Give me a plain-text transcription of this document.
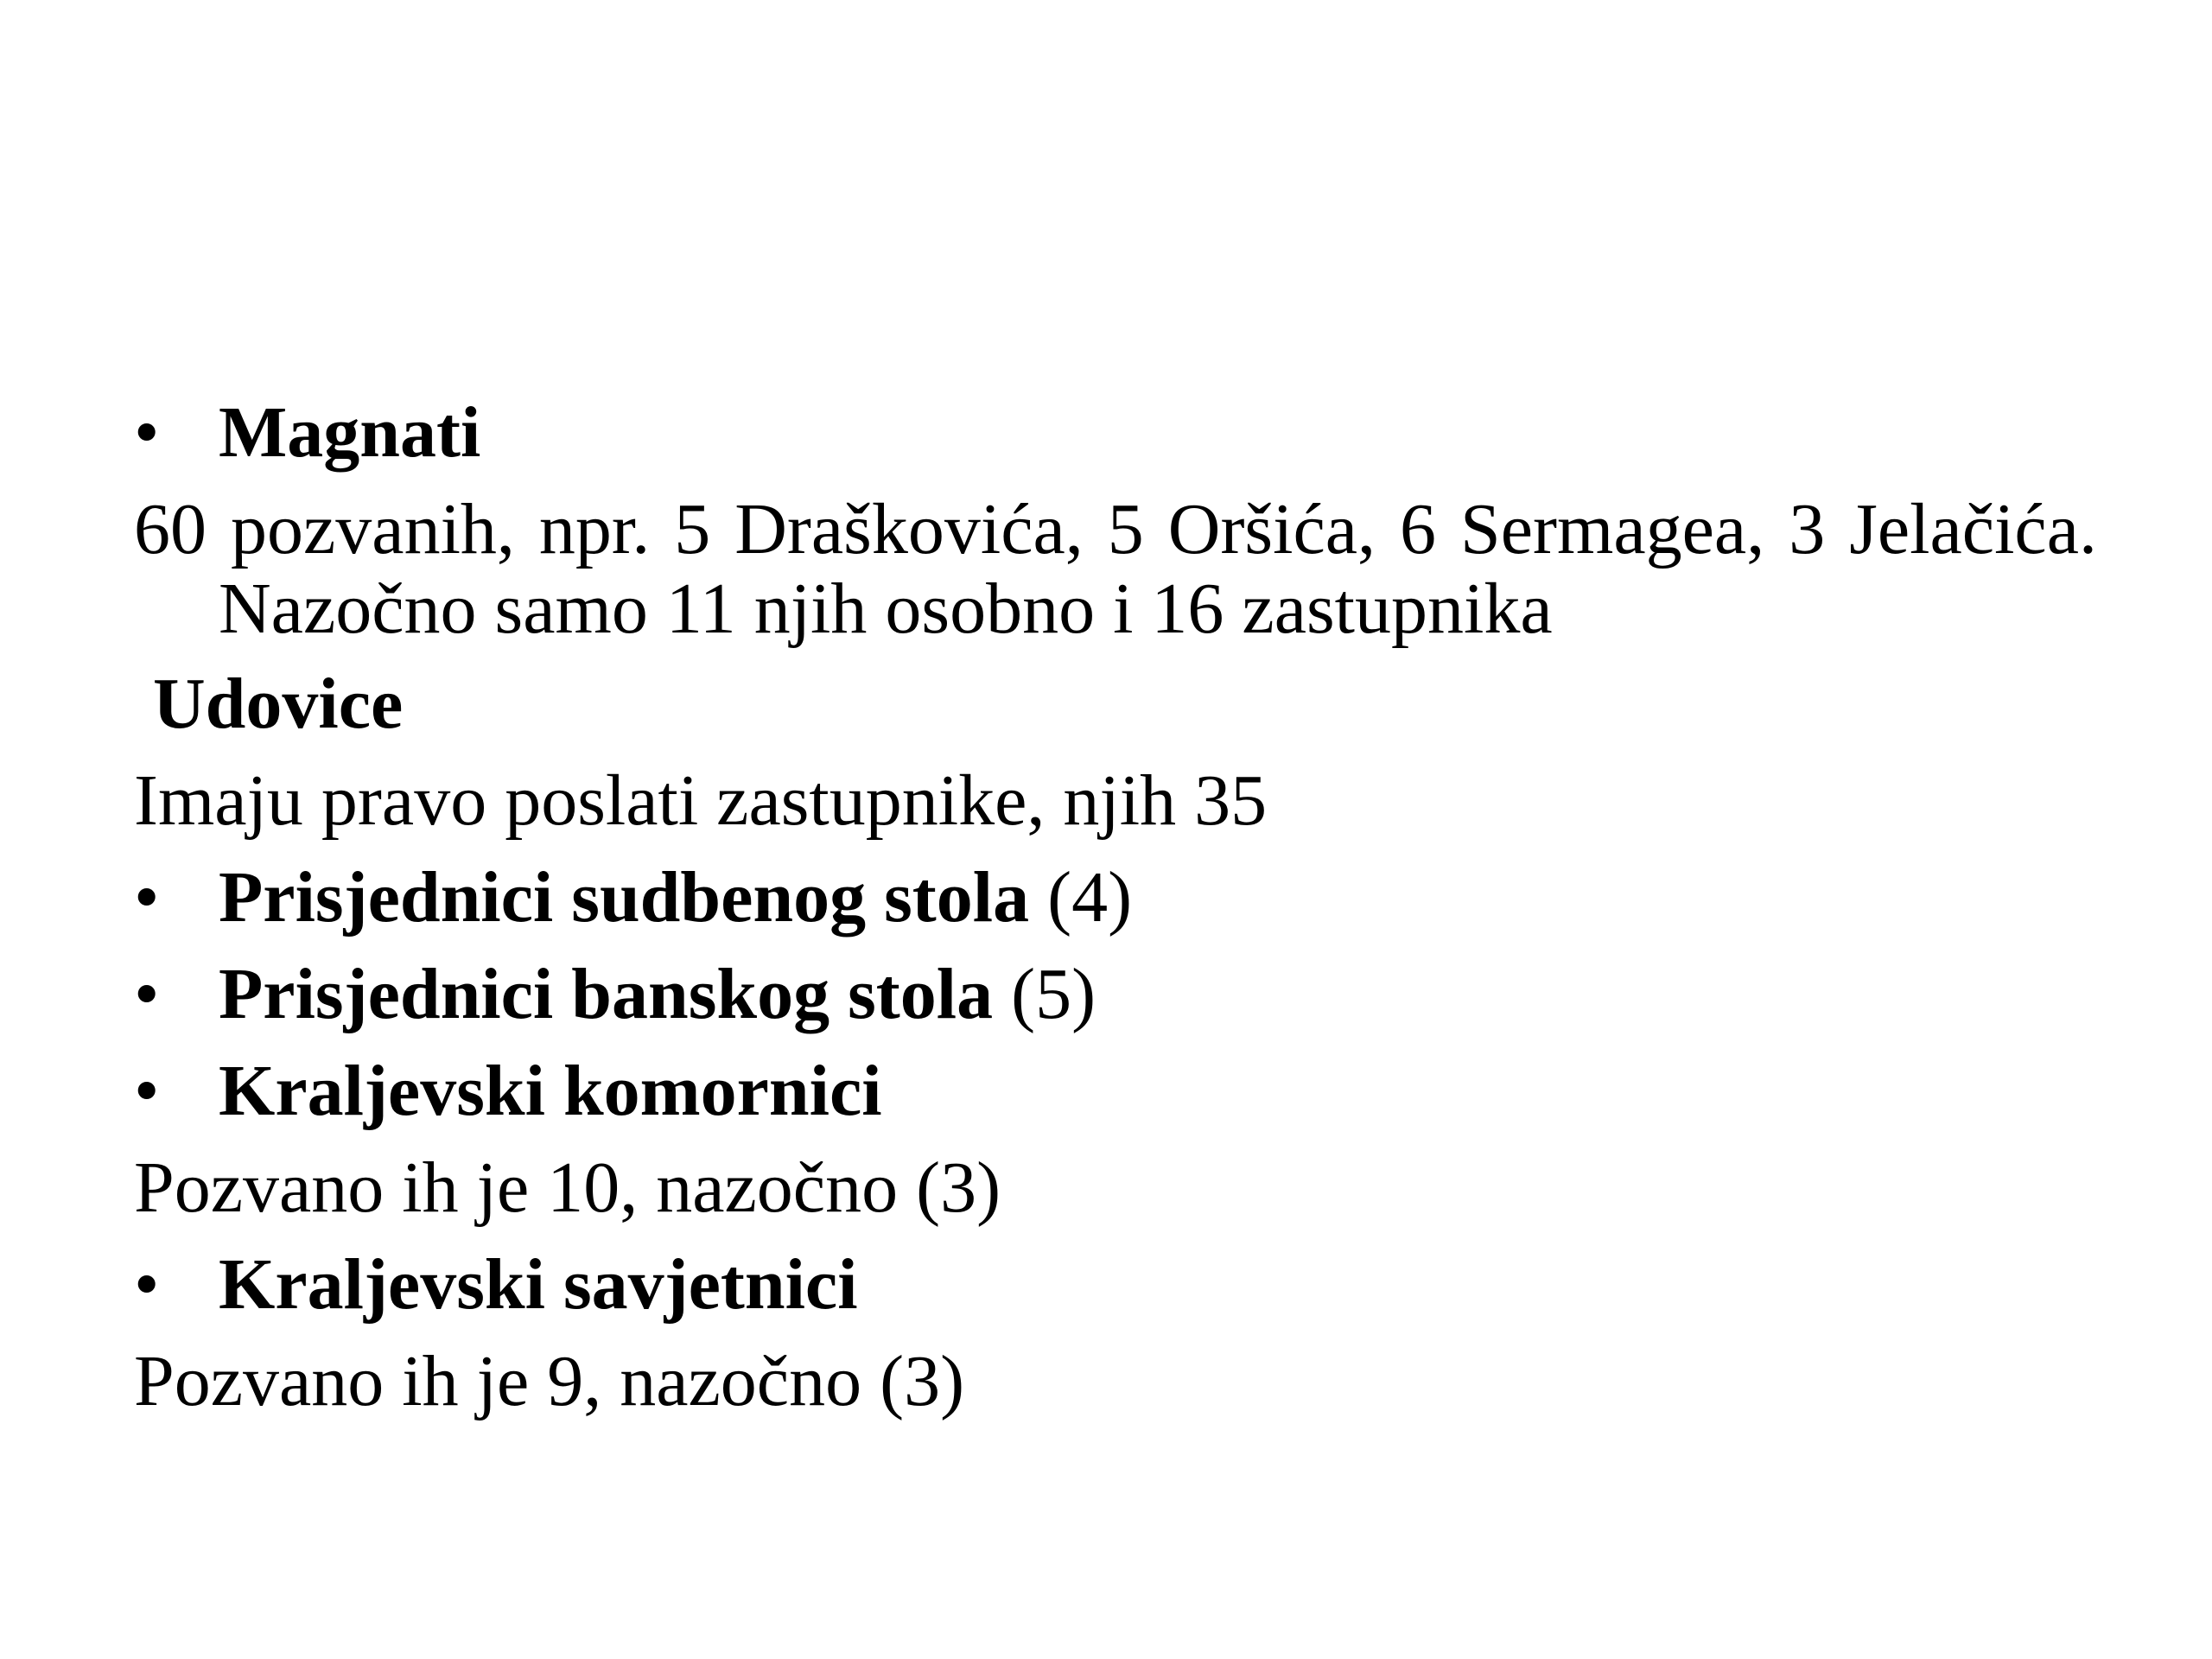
• Magnati
60 pozvanih, npr. 5 Draškovića, 5 Oršića, 6 Sermagea, 3 Jelačića. Nazočno samo 11 njih osobno i 16 zastupnika
Udovice
Imaju pravo poslati zastupnike, njih 35
• Prisjednici sudbenog stola (4)
• Prisjednici banskog stola (5)
• Kraljevski komornici
Pozvano ih je 10, nazočno (3)
• Kraljevski savjetnici
Pozvano ih je 9, nazočno (3)
